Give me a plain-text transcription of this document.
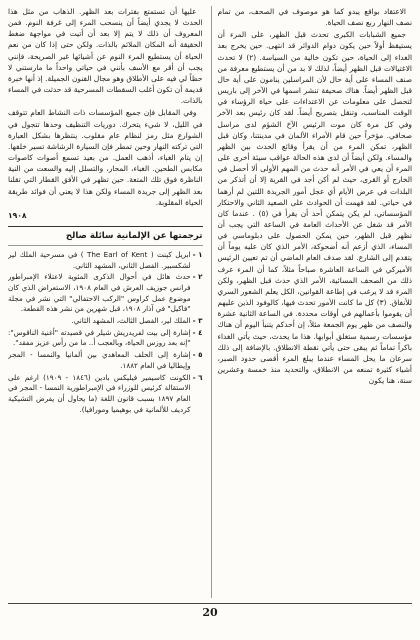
الاعتقاد بواقع يبدو كما هو موصوف في الصحف، من تمام نصف النهار ربع نصف الحياة.

جميع الشبابات الكبرى تحدث قبل الظهر، على المرء أن يستيقظ أولاً حين يكون دوام الدوائر قد انتهى. حين يخرج بعد الغداء إلى الحياة، حين تكون خالية من السياسة. (٢) لا تحدث الاغتيالات قبل الظهر أيضاً، لذلك لا بد من أن يستطيع معرفة من صنف المساء على أية حال لأن المراسلين ينامون على أية حال قبل الظهر أيضاً. هناك صحيفة تنشر اسمها في الآخر إلى باريس لتحصل على معلومات عن الاعتداءات على حياة الرؤساء في الوقت المناسب، وتنقل بتصريح أيضاً. لقد كان رئيس بعد الآخر وفي كل مرة كان موت الرئيس الآخ الشؤم لدى مراسل صحافي. مؤخراً حين قام الأمراء الألمان في مدينتنا، وكان قبل الظهر، تمكن المرء من أن يقرأ وقائع الحدث بين الظهر والمساء. ولكن أيضاً أن لدى هذه الحالة عواقب سيئة أخرى على المرء أن يعي في الأمر أنه حدث من المهم الأولى ألا أحصل في الخارج أو القرى، حيث لم أكن أجد في القرية إلا أن أتذكر من البلدات في عرض الأيام أي عجل أمور الجريدة اللتين لم أرهما في حياتي. لقد فهمت أن الحوادث على الصعيد الثاني والاحتكار المؤسساتي، لم يكن يتمكن أحد أن يقرأ في (٥) . عندما كان الأمر قد شغل عن الأحداث العامة في الساعة التي يجب أن تظهر قبل الظهر، حين يمكن الحصول على دبلوماسي في المساء، الذي أزعم أنه أضحوكة، الأمر الذي كان عليه يوماً أن يتقدم إلى الشارع. لقد صدف العام الماضي أن تم تعيين الرئيس الأميركي في الساعة العاشرة صباحاً مثلاً، كما أن المرء عرف ذلك من الصحف المسائية، الأمر الذي حدث قبل الظهر، ولكن المرء قد لا يرغب في إطاعة القوانين، الكل يعلم الشعور السري للأنفاق. (٣) كل ما كانت الأمور تحدث فيها، كالوفود الذين عليهم أن يقوموا بأعمالهم في أوقات محددة. في الساعة الثانية عشرة والنصف من ظهر يوم الجمعة مثلاً، إن أحدكم يتنبأ اليوم أن هناك مؤسسات رسمية ستغلق أبوابها. هذا ما يحدث، حيث يأتي الغداء باكراً تماماً ثم يبقى حتى يأتي نقطة الانطلاق. بالإضافة إلى ذلك سرعان ما يحل المساء عندما يبلغ المرء أقصى حدود الصبر، أشياء كثيرة تمنعه من الانطلاق، والتحديد منذ خمسة وعشرين سنة، هنا يكون

عليها أن تستمتع بفترات بعد الظهر. الذهاب من مثل هذا الحدث لا يجدي أيضاً أن ينسحب المرء إلى غرفة النوم. فمن المعروف أن ذلك لا يتم إلا بعد أن أتيت في مواجهة ضغط الحقيقة أنه المكان الملائم بالذات. ولكن حتى إذا كان من نعم الحياة أن يستطيع المرء النوم عن أشيائها غير الصريحة، فإنني يجب أن أقر مع الأسف بأنني في حياتي واحداً ما مارستني لا حظاً لي فيه على الأطلاق وهو مجال الفنون الجميلة. إذ أنها خبرة قديمة أن تكون أغلب السقطات المسرحية قد حدثت في المساء بالذات.

وفي المقابل فإن جميع المؤسسات ذات النشاط العام تتوقف في الليل، لا شيء يتحرك. دوريات التنظيف وحدها تتجول في الشوارع مثل رمز لنظام عام مقلوب. ينتظرها بشكل العبارة التي تركته النهار وحين تمطر فإن السيارة الرشاشة تسير خلفها. إن يتام الغباء، أذهب العمل. من بعيد تسمع أصوات كاصوات مكابس الطحين. الغباء، المحار، والتسلل إليه والسعت من النية الناظرة فوق تلك المتعة. حين تظهر في الأفق القطار التي تقلنا بعد الظهر إلى جريدة المساء ولكن هذا لا يعني أن فوائد طريقة الحياة المقلوبة.

١٩٠٨
ترجمتها عن الإلمانية سائلة صالح
١ -
ابريل كينت ( The Earl of Kent ) في مسرحية الملك لير لشكسبير. الفصل الثاني، المشهد الثاني.
٢ -
حدث هائل في أحوال الذكرى المئوية لاعتلاء الإمبراطور فرانس جوزيف العرش في العام ١٩٠٨، الاستعراض الذي كان موضوع عمل كراوس "الركب الاحتفالي" التي نشر في مجلة "فاكيل" في آذار ١٩٠٨، قبل شهرين من نشر هذه القطعة.
٣ -
الملك لير، الفصل الثالث، المشهد الثاني.
٤ -
إشارة إلى بيت لفريدريش شيلر في قصيدته "أغنية الناقوس": "إنه بعد روزس الحياة، وبالعجب أ.. ما من رأس عزيز مفقد".
٥ -
إشارة إلى الحلف المعاهدي بين ألمانيا والنمسا - المجر وإيطاليا في العام ١٨٨٢.
٦ -
الكونت كاسيمير فيليكس بادين (١٨٤٦ - ١٩٠٩) ارغم على الاستقالة كرئيس للوزراء في الإمبراطورية النمسا - المجر في العام ١٨٩٧ بسبب قانون اللغة (ما يحاول أن يفرض التشيكية كرديف للألمانية في بوهيميا ومورافيا).
20
